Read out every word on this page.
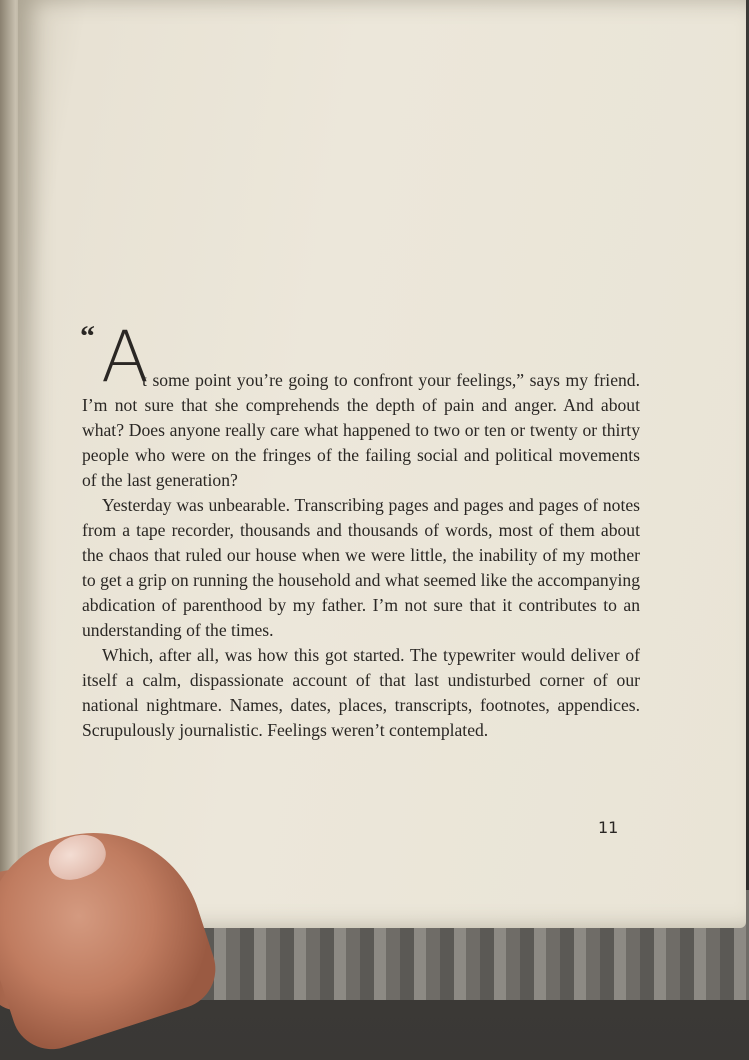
“ A

t some point you’re going to confront your feelings,” says my friend. I’m not sure that she comprehends the depth of pain and anger. And about what? Does anyone really care what happened to two or ten or twenty or thirty people who were on the fringes of the failing social and political movements of the last generation?

Yesterday was unbearable. Transcribing pages and pages and pages of notes from a tape recorder, thousands and thousands of words, most of them about the chaos that ruled our house when we were little, the inability of my mother to get a grip on running the household and what seemed like the accompanying abdication of parenthood by my father. I’m not sure that it contributes to an understanding of the times.

Which, after all, was how this got started. The typewriter would deliver of itself a calm, dispassionate account of that last undisturbed corner of our national nightmare. Names, dates, places, transcripts, footnotes, appendices. Scrupulously journalistic. Feelings weren’t contemplated.

11
